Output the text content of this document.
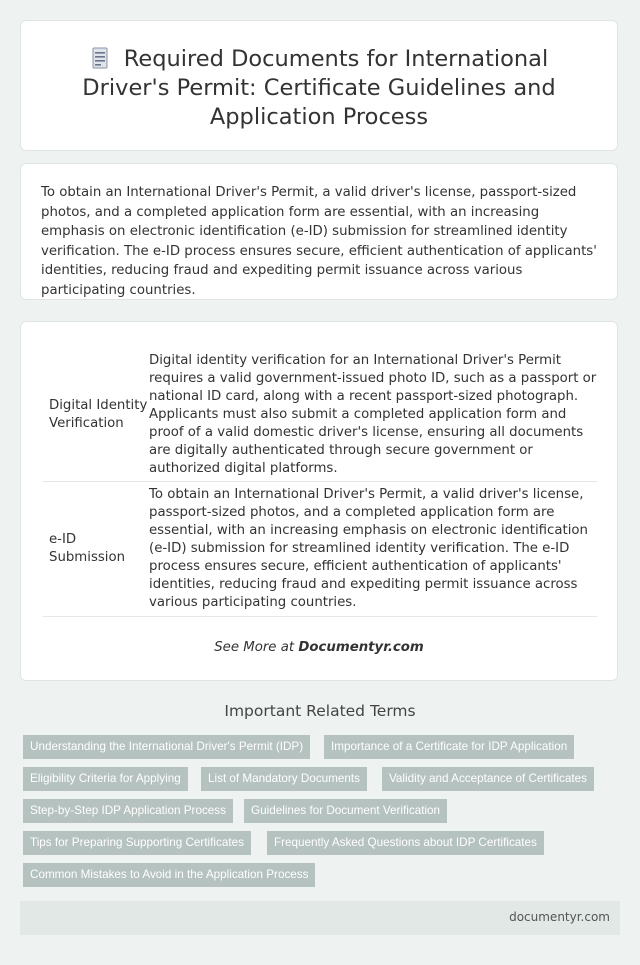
Required Documents for International Driver's Permit: Certificate Guidelines and Application Process

To obtain an International Driver's Permit, a valid driver's license, passport-sized photos, and a completed application form are essential, with an increasing emphasis on electronic identification (e-ID) submission for streamlined identity verification. The e-ID process ensures secure, efficient authentication of applicants' identities, reducing fraud and expediting permit issuance across various participating countries.

Digital Identity Verification	Digital identity verification for an International Driver's Permit requires a valid government-issued photo ID, such as a passport or national ID card, along with a recent passport-sized photograph. Applicants must also submit a completed application form and proof of a valid domestic driver's license, ensuring all documents are digitally authenticated through secure government or authorized digital platforms.
e-ID Submission	To obtain an International Driver's Permit, a valid driver's license, passport-sized photos, and a completed application form are essential, with an increasing emphasis on electronic identification (e-ID) submission for streamlined identity verification. The e-ID process ensures secure, efficient authentication of applicants' identities, reducing fraud and expediting permit issuance across various participating countries.
See More at Documentyr.com
Important Related Terms
Understanding the International Driver's Permit (IDP)	Importance of a Certificate for IDP Application
Eligibility Criteria for Applying	List of Mandatory Documents	Validity and Acceptance of Certificates
Step-by-Step IDP Application Process	Guidelines for Document Verification
Tips for Preparing Supporting Certificates	Frequently Asked Questions about IDP Certificates
Common Mistakes to Avoid in the Application Process
documentyr.com
